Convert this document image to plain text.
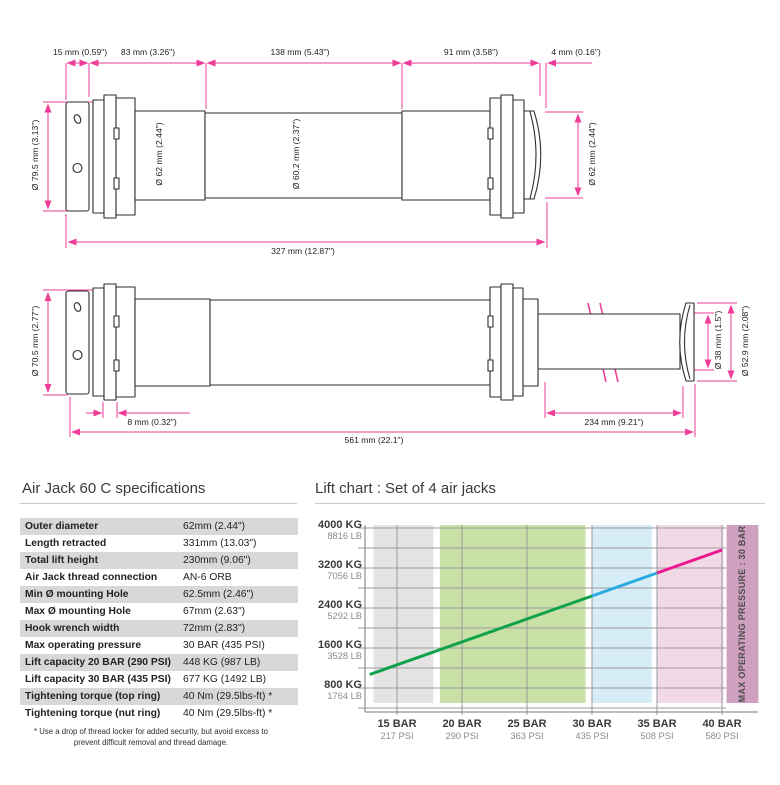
15 mm (0.59") 83 mm (3.26")	138 mm (5.43")	91 mm (3.58")	4 mm (0.16")
Ø 79.5 mm (3.13")	Ø 62 mm (2.44")	Ø 60.2 mm (2.37")	Ø 62 mm (2.44")
327 mm (12.87")
Ø 70.5 mm (2.77")	Ø 38 mm (1.5") Ø 52.9 mm (2.08")
8 mm (0.32")	234 mm (9.21")
561 mm (22.1")
Air Jack 60 C specifications
Outer diameter	62mm (2.44")
Length retracted	331mm (13.03")
Total lift height	230mm (9.06")
Air Jack thread connection	AN-6 ORB
Min Ø mounting Hole	62.5mm (2.46")
Max Ø mounting Hole	67mm (2.63")
Hook wrench width	72mm (2.83")
Max operating pressure	30 BAR (435 PSI)
Lift capacity 20 BAR (290 PSI)	448 KG (987 LB)
Lift capacity 30 BAR (435 PSI)	677 KG (1492 LB)
Tightening torque (top ring)	40 Nm (29.5lbs-ft) *
Tightening torque (nut ring)	40 Nm (29.5lbs-ft) *
* Use a drop of thread locker for added security, but avoid excess to prevent difficult removal and thread damage.
Lift chart : Set of 4 air jacks
4000 KG
8816 LB
3200 KG
7056 LB
2400 KG
5292 LB
1600 KG
3528 LB
800 KG
1764 LB
15 BAR
217 PSI
20 BAR
290 PSI
25 BAR
363 PSI
30 BAR
435 PSI
35 BAR
508 PSI
40 BAR
580 PSI
MAX OPERATING PRESSURE : 30 BAR
